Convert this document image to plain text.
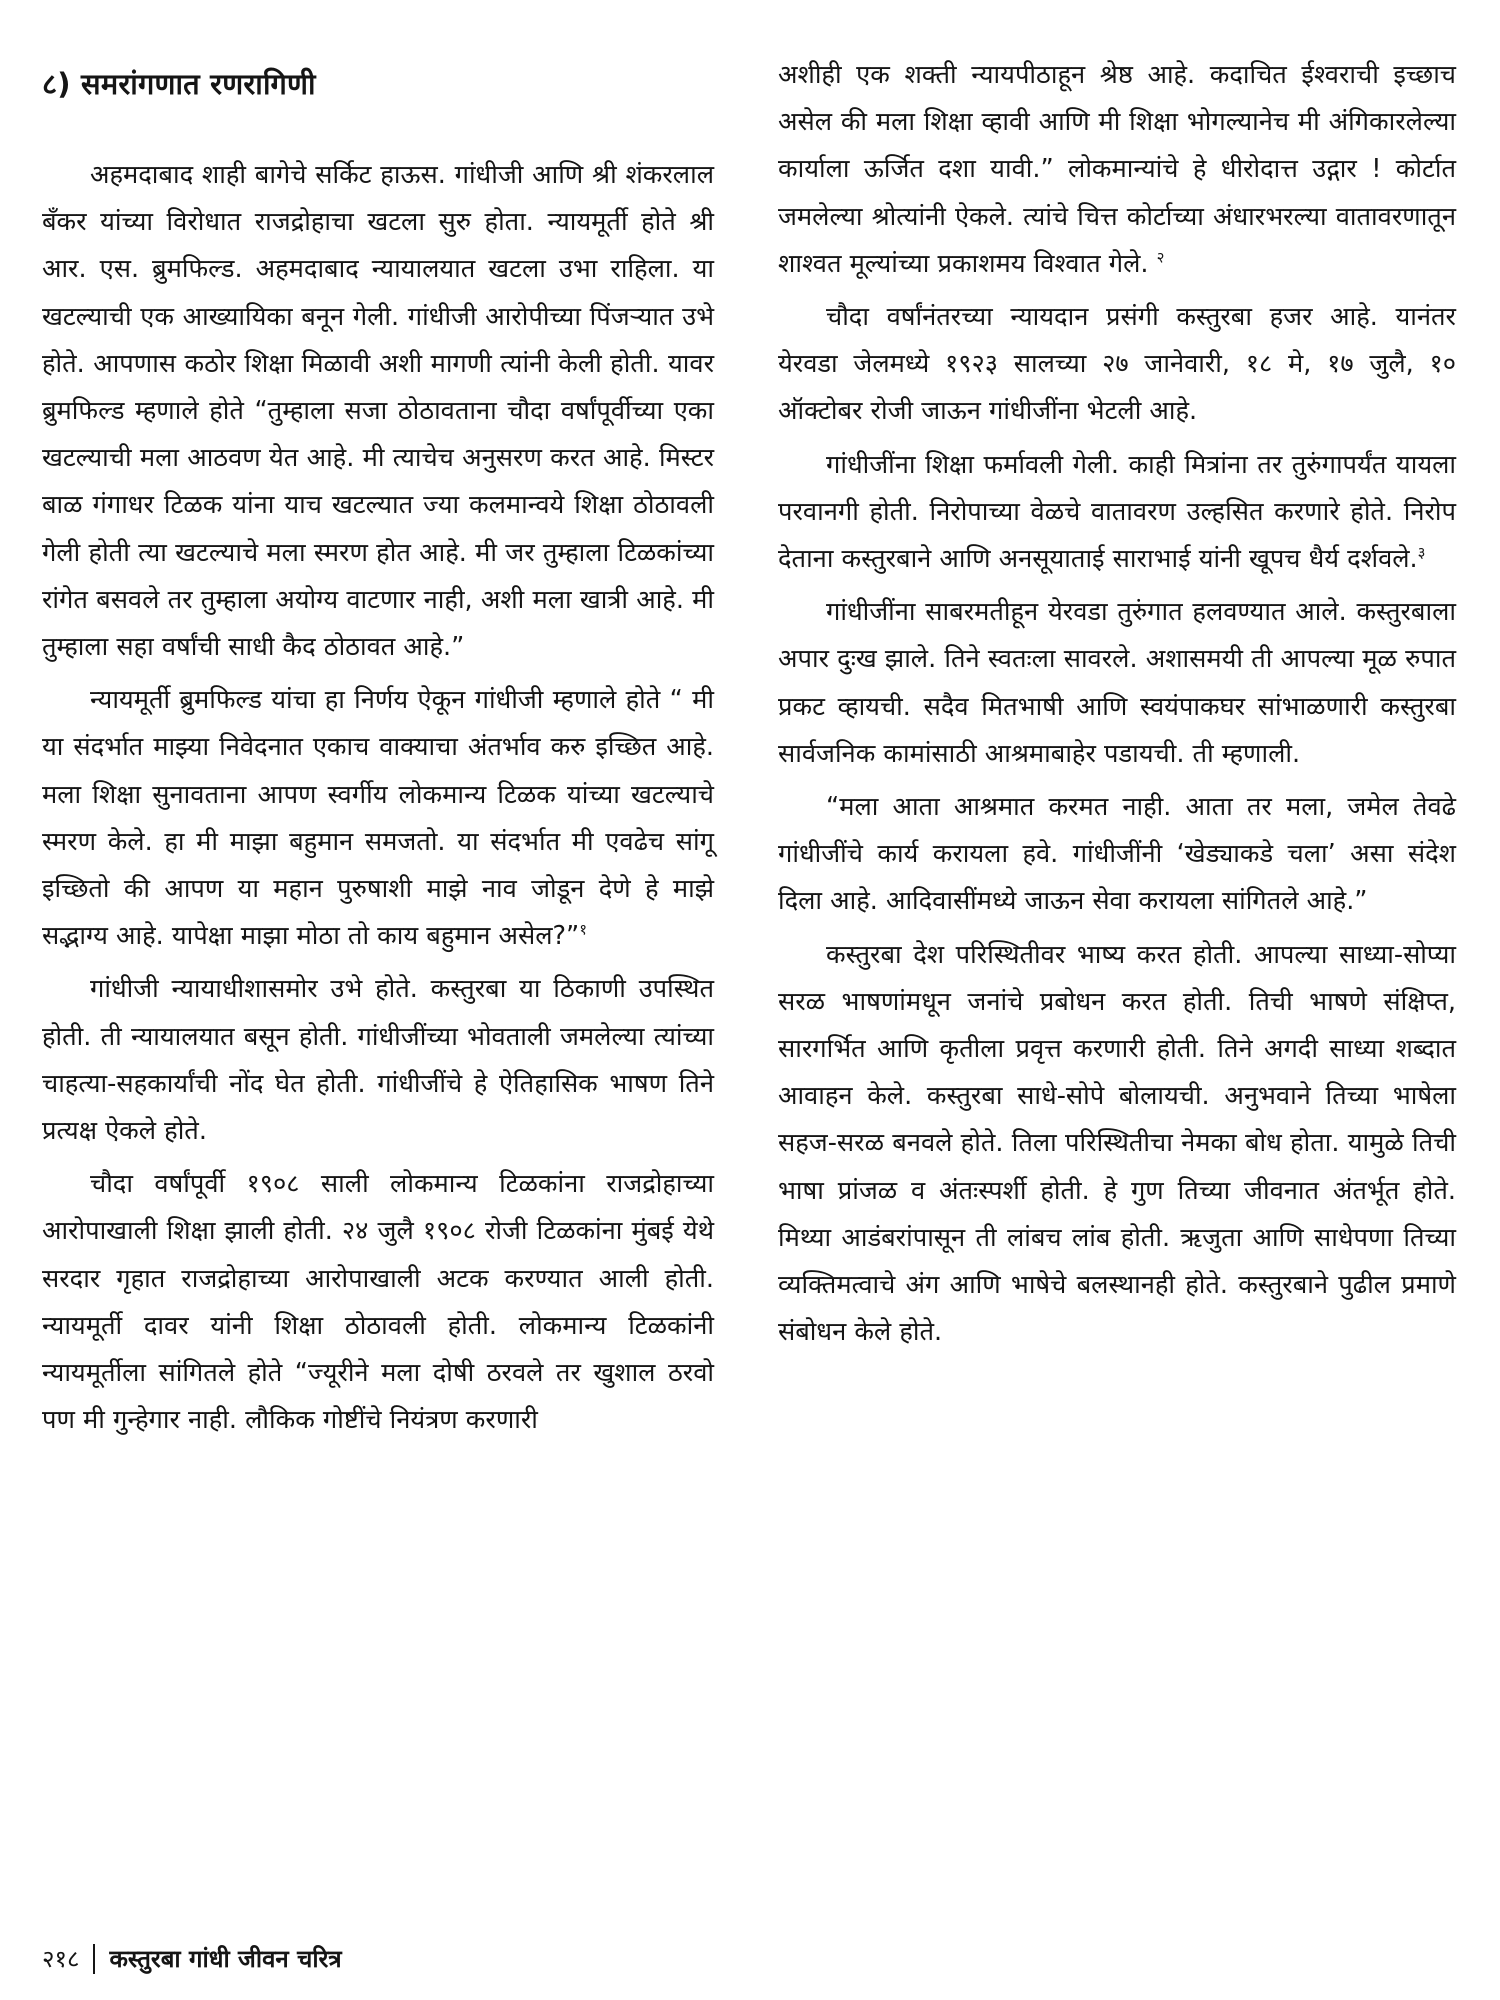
८) समरांगणात रणरागिणी

अहमदाबाद शाही बागेचे सर्किट हाऊस. गांधीजी आणि श्री शंकरलाल बँकर यांच्या विरोधात राजद्रोहाचा खटला सुरु होता. न्यायमूर्ती होते श्री आर. एस. ब्रुमफिल्ड. अहमदाबाद न्यायालयात खटला उभा राहिला. या खटल्याची एक आख्यायिका बनून गेली. गांधीजी आरोपीच्या पिंजऱ्यात उभे होते. आपणास कठोर शिक्षा मिळावी अशी मागणी त्यांनी केली होती. यावर ब्रुमफिल्ड म्हणाले होते “तुम्हाला सजा ठोठावताना चौदा वर्षांपूर्वीच्या एका खटल्याची मला आठवण येत आहे. मी त्याचेच अनुसरण करत आहे. मिस्टर बाळ गंगाधर टिळक यांना याच खटल्यात ज्या कलमान्वये शिक्षा ठोठावली गेली होती त्या खटल्याचे मला स्मरण होत आहे. मी जर तुम्हाला टिळकांच्या रांगेत बसवले तर तुम्हाला अयोग्य वाटणार नाही, अशी मला खात्री आहे. मी तुम्हाला सहा वर्षांची साधी कैद ठोठावत आहे.”

न्यायमूर्ती ब्रुमफिल्ड यांचा हा निर्णय ऐकून गांधीजी म्हणाले होते “ मी या संदर्भात माझ्या निवेदनात एकाच वाक्याचा अंतर्भाव करु इच्छित आहे. मला शिक्षा सुनावताना आपण स्वर्गीय लोकमान्य टिळक यांच्या खटल्याचे स्मरण केले. हा मी माझा बहुमान समजतो. या संदर्भात मी एवढेच सांगू इच्छितो की आपण या महान पुरुषाशी माझे नाव जोडून देणे हे माझे सद्भाग्य आहे. यापेक्षा माझा मोठा तो काय बहुमान असेल?”$^१$

गांधीजी न्यायाधीशासमोर उभे होते. कस्तुरबा या ठिकाणी उपस्थित होती. ती न्यायालयात बसून होती. गांधीजींच्या भोवताली जमलेल्या त्यांच्या चाहत्या-सहकार्यांची नोंद घेत होती. गांधीजींचे हे ऐतिहासिक भाषण तिने प्रत्यक्ष ऐकले होते.

चौदा वर्षांपूर्वी १९०८ साली लोकमान्य टिळकांना राजद्रोहाच्या आरोपाखाली शिक्षा झाली होती. २४ जुलै १९०८ रोजी टिळकांना मुंबई येथे सरदार गृहात राजद्रोहाच्या आरोपाखाली अटक करण्यात आली होती. न्यायमूर्ती दावर यांनी शिक्षा ठोठावली होती. लोकमान्य टिळकांनी न्यायमूर्तीला सांगितले होते “ज्यूरीने मला दोषी ठरवले तर खुशाल ठरवो पण मी गुन्हेगार नाही. लौकिक गोष्टींचे नियंत्रण करणारी

अशीही एक शक्ती न्यायपीठाहून श्रेष्ठ आहे. कदाचित ईश्वराची इच्छाच असेल की मला शिक्षा व्हावी आणि मी शिक्षा भोगल्यानेच मी अंगिकारलेल्या कार्याला ऊर्जित दशा यावी.” लोकमान्यांचे हे धीरोदात्त उद्गार ! कोर्टात जमलेल्या श्रोत्यांनी ऐकले. त्यांचे चित्त कोर्टाच्या अंधारभरल्या वातावरणातून शाश्वत मूल्यांच्या प्रकाशमय विश्वात गेले. $^२$

चौदा वर्षांनंतरच्या न्यायदान प्रसंगी कस्तुरबा हजर आहे. यानंतर येरवडा जेलमध्ये १९२३ सालच्या २७ जानेवारी, १८ मे, १७ जुलै, १० ऑक्टोबर रोजी जाऊन गांधीजींना भेटली आहे.

गांधीजींना शिक्षा फर्मावली गेली. काही मित्रांना तर तुरुंगापर्यंत यायला परवानगी होती. निरोपाच्या वेळचे वातावरण उल्हसित करणारे होते. निरोप देताना कस्तुरबाने आणि अनसूयाताई साराभाई यांनी खूपच धैर्य दर्शवले.$^३$

गांधीजींना साबरमतीहून येरवडा तुरुंगात हलवण्यात आले. कस्तुरबाला अपार दुःख झाले. तिने स्वतःला सावरले. अशासमयी ती आपल्या मूळ रुपात प्रकट व्हायची. सदैव मितभाषी आणि स्वयंपाकघर सांभाळणारी कस्तुरबा सार्वजनिक कामांसाठी आश्रमाबाहेर पडायची. ती म्हणाली.

“मला आता आश्रमात करमत नाही. आता तर मला, जमेल तेवढे गांधीजींचे कार्य करायला हवे. गांधीजींनी ‘खेड्याकडे चला’ असा संदेश दिला आहे. आदिवासींमध्ये जाऊन सेवा करायला सांगितले आहे.”

कस्तुरबा देश परिस्थितीवर भाष्य करत होती. आपल्या साध्या-सोप्या सरळ भाषणांमधून जनांचे प्रबोधन करत होती. तिची भाषणे संक्षिप्त, सारगर्भित आणि कृतीला प्रवृत्त करणारी होती. तिने अगदी साध्या शब्दात आवाहन केले. कस्तुरबा साधे-सोपे बोलायची. अनुभवाने तिच्या भाषेला सहज-सरळ बनवले होते. तिला परिस्थितीचा नेमका बोध होता. यामुळे तिची भाषा प्रांजळ व अंतःस्पर्शी होती. हे गुण तिच्या जीवनात अंतर्भूत होते. मिथ्या आडंबरांपासून ती लांबच लांब होती. ऋजुता आणि साधेपणा तिच्या व्यक्तिमत्वाचे अंग आणि भाषेचे बलस्थानही होते. कस्तुरबाने पुढील प्रमाणे संबोधन केले होते.

२१८ कस्तुरबा गांधी जीवन चरित्र
